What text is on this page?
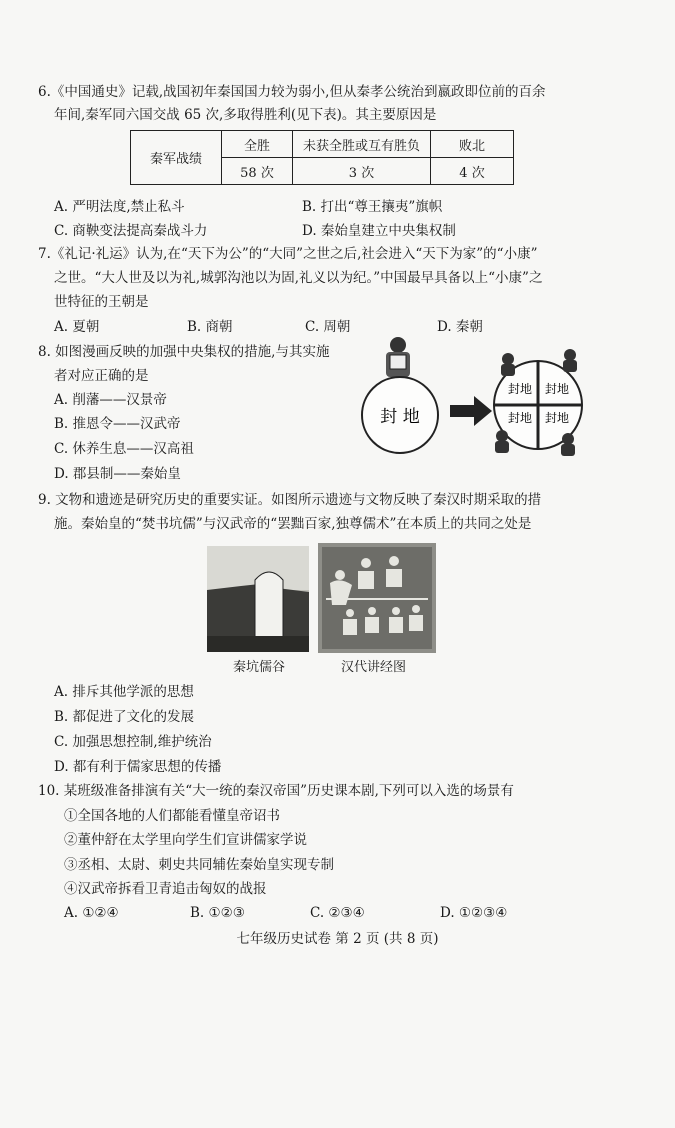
6.《中国通史》记载,战国初年秦国国力较为弱小,但从秦孝公统治到嬴政即位前的百余
年间,秦军同六国交战 65 次,多取得胜利(见下表)。其主要原因是
秦军战绩	全胜	未获全胜或互有胜负	败北
	58 次	3 次	4 次
A. 严明法度,禁止私斗	B. 打出“尊王攘夷”旗帜
C. 商鞅变法提高秦战斗力	D. 秦始皇建立中央集权制
7.《礼记·礼运》认为,在“天下为公”的“大同”之世之后,社会进入“天下为家”的“小康”
之世。“大人世及以为礼,城郭沟池以为固,礼义以为纪。”中国最早具备以上“小康”之
世特征的王朝是
A. 夏朝	B. 商朝	C. 周朝	D. 秦朝
8. 如图漫画反映的加强中央集权的措施,与其实施
者对应正确的是
A. 削藩——汉景帝
B. 推恩令——汉武帝
C. 休养生息——汉高祖
D. 郡县制——秦始皇
封 地
封地 封地
封地 封地
9. 文物和遗迹是研究历史的重要实证。如图所示遗迹与文物反映了秦汉时期采取的措
施。秦始皇的“焚书坑儒”与汉武帝的“罢黜百家,独尊儒术”在本质上的共同之处是
秦坑儒谷	汉代讲经图
A. 排斥其他学派的思想
B. 都促进了文化的发展
C. 加强思想控制,维护统治
D. 都有利于儒家思想的传播
10. 某班级准备排演有关“大一统的秦汉帝国”历史课本剧,下列可以入选的场景有
①全国各地的人们都能看懂皇帝诏书
②董仲舒在太学里向学生们宣讲儒家学说
③丞相、太尉、刺史共同辅佐秦始皇实现专制
④汉武帝拆看卫青追击匈奴的战报
A. ①②④	B. ①②③	C. ②③④	D. ①②③④
七年级历史试卷 第 2 页 (共 8 页)
